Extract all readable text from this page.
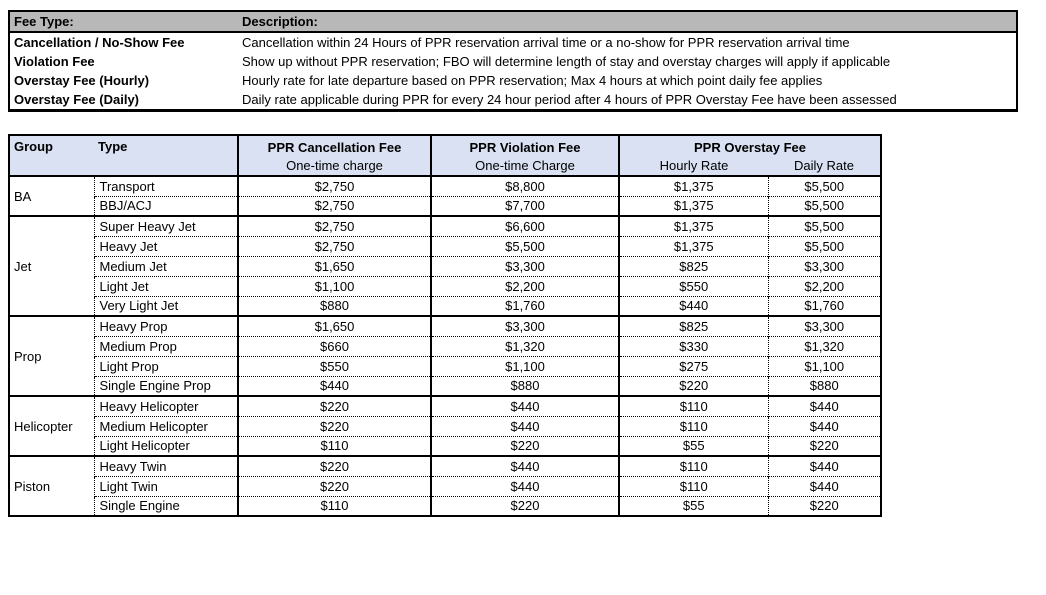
Fee Type:	Description:
Cancellation / No-Show Fee	Cancellation within 24 Hours of PPR reservation arrival time or a no-show for PPR reservation arrival time
Violation Fee	Show up without PPR reservation; FBO will determine length of stay and overstay charges will apply if applicable
Overstay Fee (Hourly)	Hourly rate for late departure based on PPR reservation; Max 4 hours at which point daily fee applies
Overstay Fee (Daily)	Daily rate applicable during PPR for every 24 hour period after 4 hours of PPR Overstay Fee have been assessed
Group	Type	PPR Cancellation Fee	PPR Violation Fee	PPR Overstay Fee	
		One-time charge	One-time Charge	Hourly Rate	Daily Rate
BA	Transport	$2,750	$8,800	$1,375	$5,500
	BBJ/ACJ	$2,750	$7,700	$1,375	$5,500
Jet	Super Heavy Jet	$2,750	$6,600	$1,375	$5,500
	Heavy Jet	$2,750	$5,500	$1,375	$5,500
	Medium Jet	$1,650	$3,300	$825	$3,300
	Light Jet	$1,100	$2,200	$550	$2,200
	Very Light Jet	$880	$1,760	$440	$1,760
Prop	Heavy Prop	$1,650	$3,300	$825	$3,300
	Medium Prop	$660	$1,320	$330	$1,320
	Light Prop	$550	$1,100	$275	$1,100
	Single Engine Prop	$440	$880	$220	$880
Helicopter	Heavy Helicopter	$220	$440	$110	$440
	Medium Helicopter	$220	$440	$110	$440
	Light Helicopter	$110	$220	$55	$220
Piston	Heavy Twin	$220	$440	$110	$440
	Light Twin	$220	$440	$110	$440
	Single Engine	$110	$220	$55	$220
